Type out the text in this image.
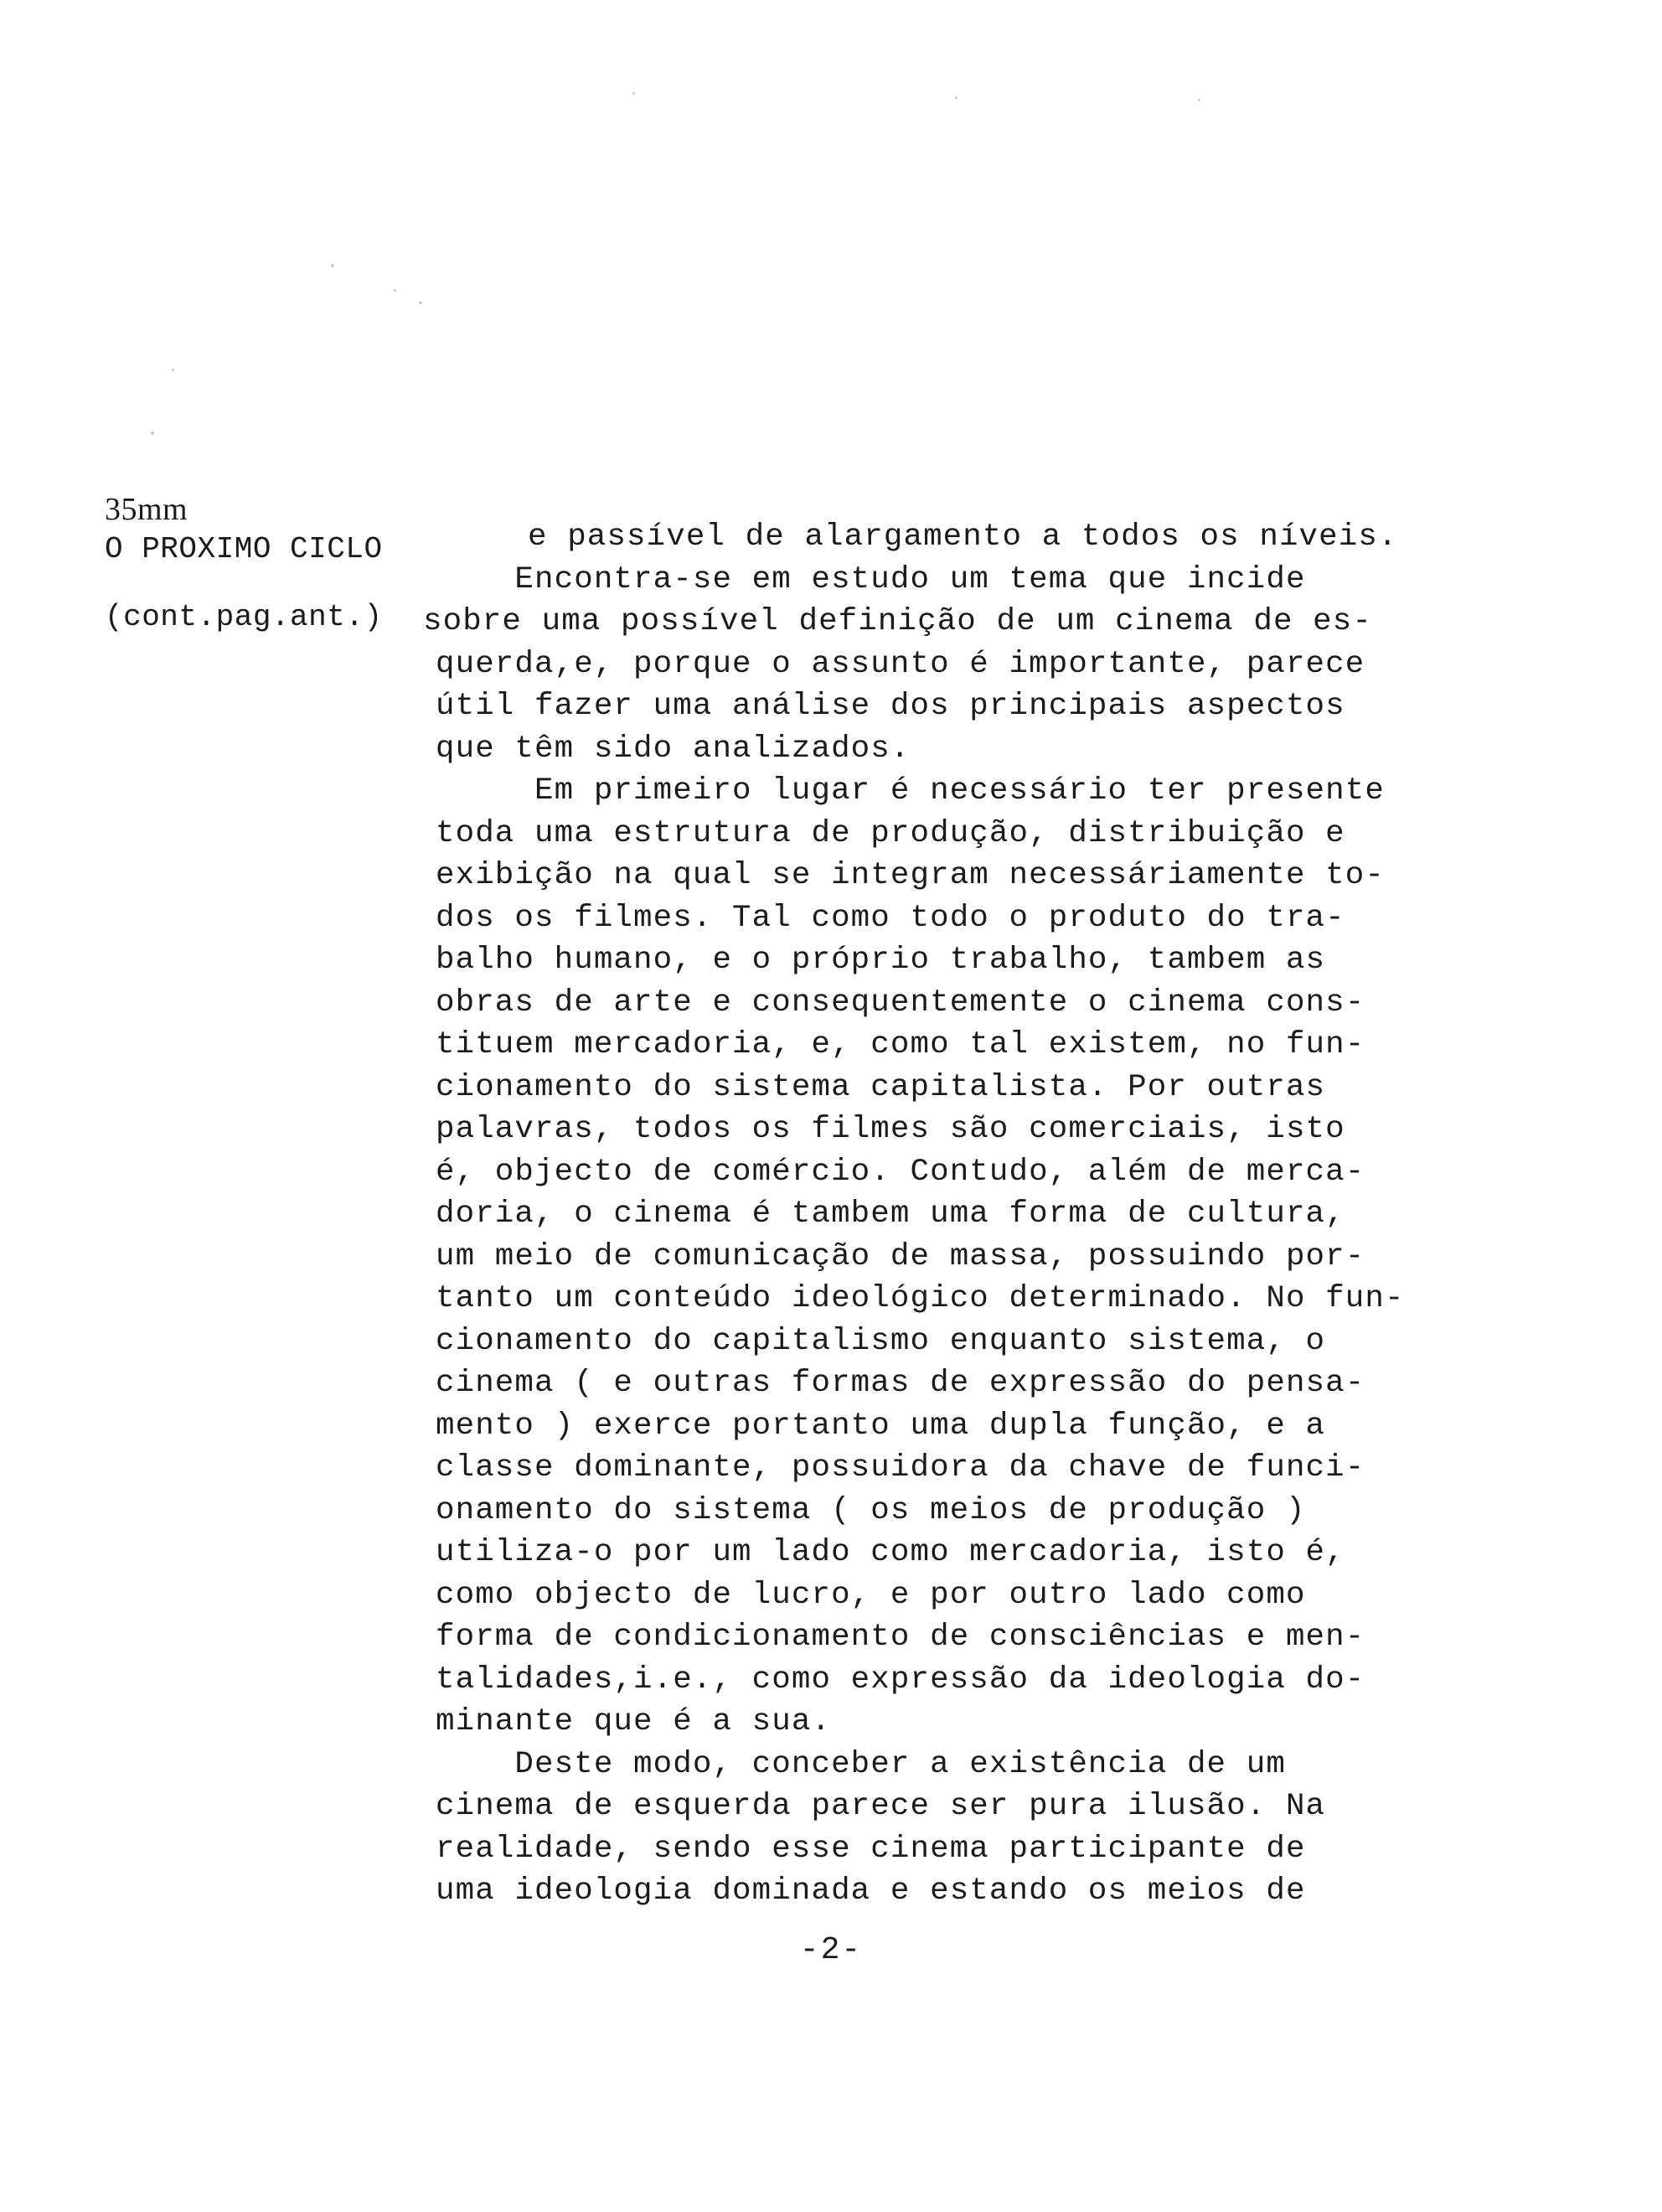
35mm
O PROXIMO CICLO
(cont.pag.ant.)
e passível de alargamento a todos os níveis.
Encontra-se em estudo um tema que incide
sobre uma possível definição de um cinema de es-
querda,e, porque o assunto é importante, parece
útil fazer uma análise dos principais aspectos
que têm sido analizados.
Em primeiro lugar é necessário ter presente
toda uma estrutura de produção, distribuição e
exibição na qual se integram necessáriamente to-
dos os filmes. Tal como todo o produto do tra-
balho humano, e o próprio trabalho, tambem as
obras de arte e consequentemente o cinema cons-
tituem mercadoria, e, como tal existem, no fun-
cionamento do sistema capitalista. Por outras
palavras, todos os filmes são comerciais, isto
é, objecto de comércio. Contudo, além de merca-
doria, o cinema é tambem uma forma de cultura,
um meio de comunicação de massa, possuindo por-
tanto um conteúdo ideológico determinado. No fun-
cionamento do capitalismo enquanto sistema, o
cinema ( e outras formas de expressão do pensa-
mento ) exerce portanto uma dupla função, e a
classe dominante, possuidora da chave de funci-
onamento do sistema ( os meios de produção )
utiliza-o por um lado como mercadoria, isto é,
como objecto de lucro, e por outro lado como
forma de condicionamento de consciências e men-
talidades,i.e., como expressão da ideologia do-
minante que é a sua.
Deste modo, conceber a existência de um
cinema de esquerda parece ser pura ilusão. Na
realidade, sendo esse cinema participante de
uma ideologia dominada e estando os meios de
-2-
